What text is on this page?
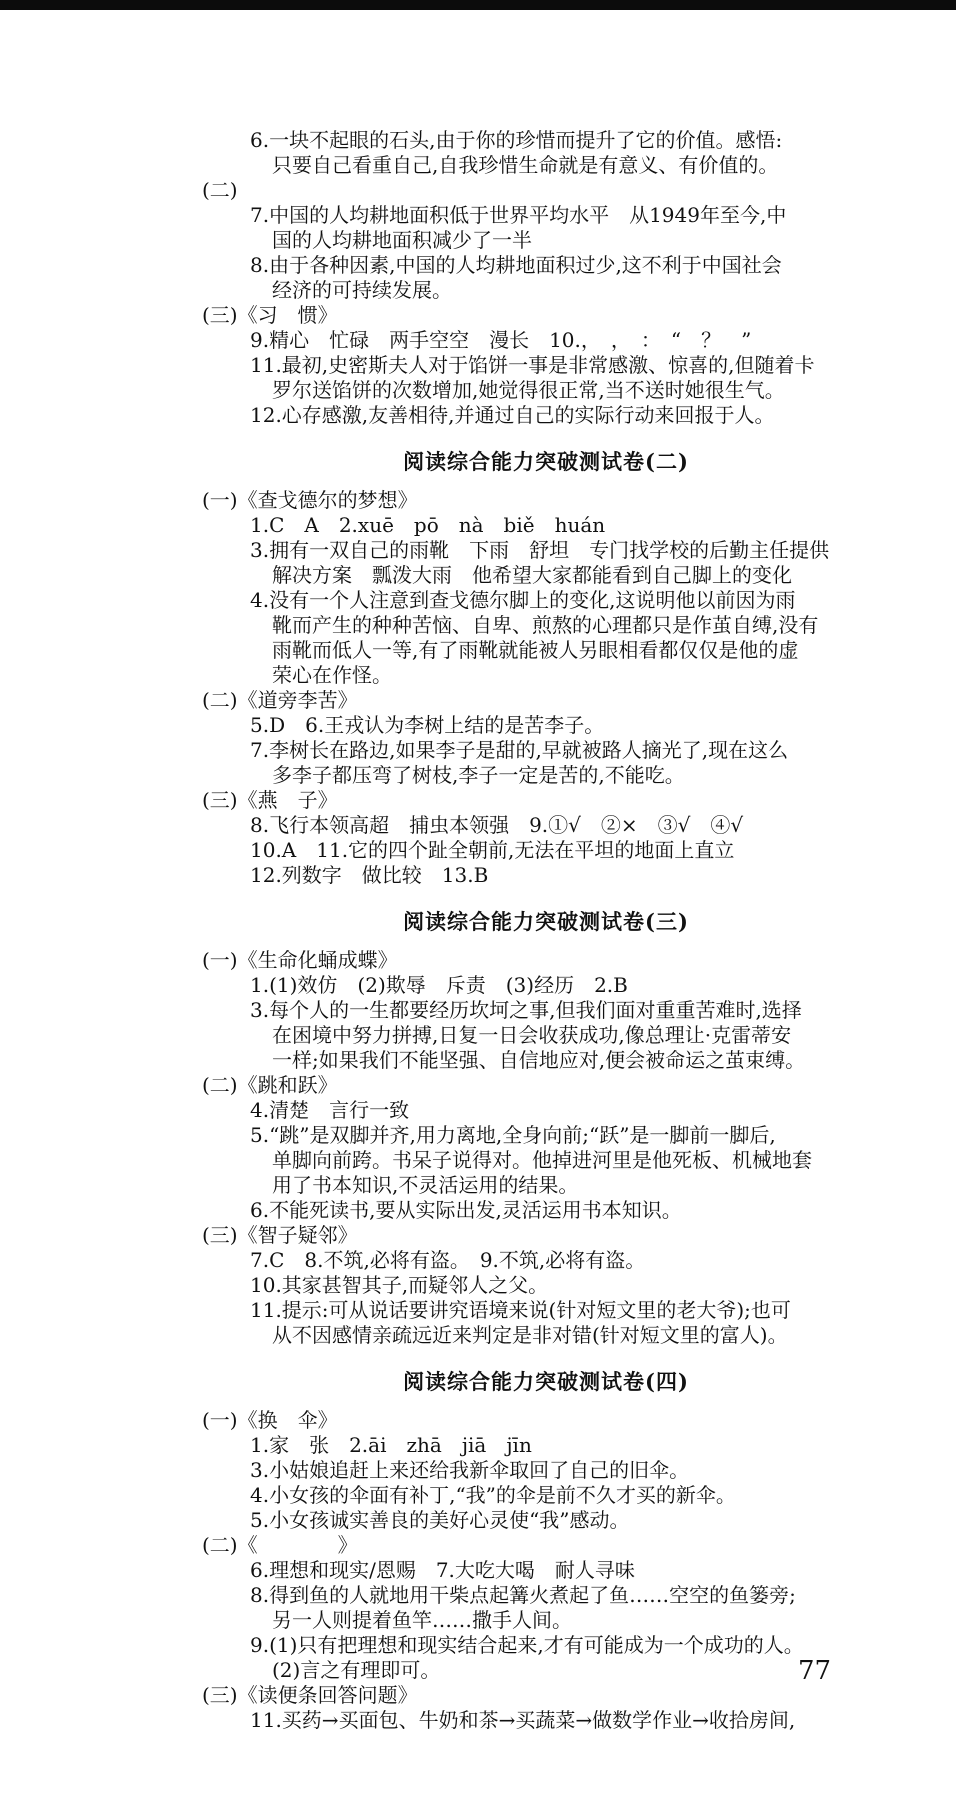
6.一块不起眼的石头,由于你的珍惜而提升了它的价值。感悟:

只要自己看重自己,自我珍惜生命就是有意义、有价值的。

(二)

7.中国的人均耕地面积低于世界平均水平　从1949年至今,中

国的人均耕地面积减少了一半

8.由于各种因素,中国的人均耕地面积过少,这不利于中国社会

经济的可持续发展。

(三)《习　惯》

9.精心　忙碌　两手空空　漫长　10.，　，　：　“　？　”

11.最初,史密斯夫人对于馅饼一事是非常感激、惊喜的,但随着卡

罗尔送馅饼的次数增加,她觉得很正常,当不送时她很生气。

12.心存感激,友善相待,并通过自己的实际行动来回报于人。

阅读综合能力突破测试卷(二)

(一)《查戈德尔的梦想》

1.C　A　2.xuē　pō　nà　biě　huán

3.拥有一双自己的雨靴　下雨　舒坦　专门找学校的后勤主任提供

解决方案　瓢泼大雨　他希望大家都能看到自己脚上的变化

4.没有一个人注意到查戈德尔脚上的变化,这说明他以前因为雨

靴而产生的种种苦恼、自卑、煎熬的心理都只是作茧自缚,没有

雨靴而低人一等,有了雨靴就能被人另眼相看都仅仅是他的虚

荣心在作怪。

(二)《道旁李苦》

5.D　6.王戎认为李树上结的是苦李子。

7.李树长在路边,如果李子是甜的,早就被路人摘光了,现在这么

多李子都压弯了树枝,李子一定是苦的,不能吃。

(三)《燕　子》

8.飞行本领高超　捕虫本领强　9.①√　②×　③√　④√

10.A　11.它的四个趾全朝前,无法在平坦的地面上直立

12.列数字　做比较　13.B

阅读综合能力突破测试卷(三)

(一)《生命化蛹成蝶》

1.(1)效仿　(2)欺辱　斥责　(3)经历　2.B

3.每个人的一生都要经历坎坷之事,但我们面对重重苦难时,选择

在困境中努力拼搏,日复一日会收获成功,像总理让·克雷蒂安

一样;如果我们不能坚强、自信地应对,便会被命运之茧束缚。

(二)《跳和跃》

4.清楚　言行一致

5.“跳”是双脚并齐,用力离地,全身向前;“跃”是一脚前一脚后,

单脚向前跨。书呆子说得对。他掉进河里是他死板、机械地套

用了书本知识,不灵活运用的结果。

6.不能死读书,要从实际出发,灵活运用书本知识。

(三)《智子疑邻》

7.C　8.不筑,必将有盗。　9.不筑,必将有盗。

10.其家甚智其子,而疑邻人之父。

11.提示:可从说话要讲究语境来说(针对短文里的老大爷);也可

从不因感情亲疏远近来判定是非对错(针对短文里的富人)。

阅读综合能力突破测试卷(四)

(一)《换　伞》

1.家　张　2.āi　zhā　jiā　jīn

3.小姑娘追赶上来还给我新伞取回了自己的旧伞。

4.小女孩的伞面有补丁,“我”的伞是前不久才买的新伞。

5.小女孩诚实善良的美好心灵使“我”感动。

(二)《　　　　》

6.理想和现实/恩赐　7.大吃大喝　耐人寻味

8.得到鱼的人就地用干柴点起篝火煮起了鱼……空空的鱼篓旁;

另一人则提着鱼竿……撒手人间。

9.(1)只有把理想和现实结合起来,才有可能成为一个成功的人。

(2)言之有理即可。

(三)《读便条回答问题》

11.买药→买面包、牛奶和茶→买蔬菜→做数学作业→收拾房间,

77
